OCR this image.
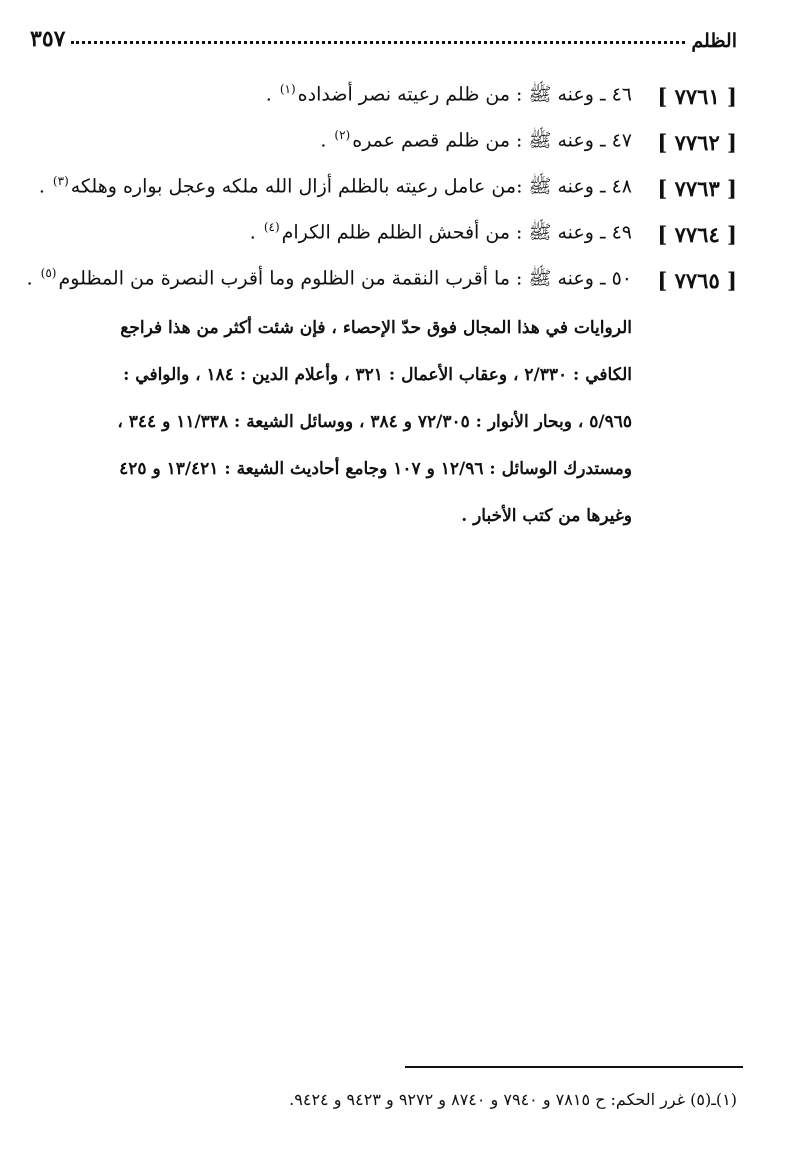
الظلم
٣٥٧
[ ٧٧٦١ ]
٤٦ ـ وعنه ﷺ : من ظلم رعيته نصر أضداده$^{(١)}$ .
[ ٧٧٦٢ ]
٤٧ ـ وعنه ﷺ : من ظلم قصم عمره$^{(٢)}$ .
[ ٧٧٦٣ ]
٤٨ ـ وعنه ﷺ :من عامل رعيته بالظلم أزال الله ملكه وعجل بواره وهلكه$^{(٣)}$ .
[ ٧٧٦٤ ]
٤٩ ـ وعنه ﷺ : من أفحش الظلم ظلم الكرام$^{(٤)}$ .
[ ٧٧٦٥ ]
٥٠ ـ وعنه ﷺ : ما أقرب النقمة من الظلوم وما أقرب النصرة من المظلوم$^{(٥)}$ .
الروايات في هذا المجال فوق حدّ الإحصاء ، فإن شئت أكثر من هذا فراجع
الكافي : ٢/٣٣٠ ، وعقاب الأعمال : ٣٢١ ، وأعلام الدين : ١٨٤ ، والوافي :
٥/٩٦٥ ، وبحار الأنوار : ٧٢/٣٠٥ و ٣٨٤ ، ووسائل الشيعة : ١١/٣٣٨ و ٣٤٤ ،
ومستدرك الوسائل : ١٢/٩٦ و ١٠٧ وجامع أحاديث الشيعة : ١٣/٤٢١ و ٤٢٥
وغيرها من كتب الأخبار .
(١)ـ(٥) غرر الحكم: ح ٧٨١٥ و ٧٩٤٠ و ٨٧٤٠ و ٩٢٧٢ و ٩٤٢٣ و ٩٤٢٤.
